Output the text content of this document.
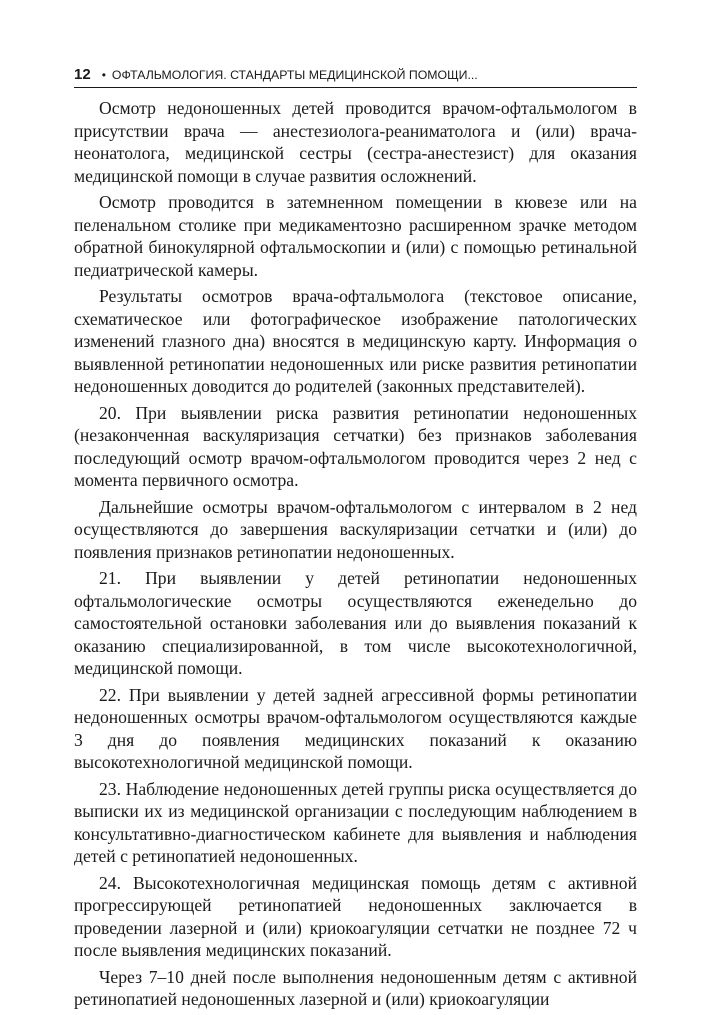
12 • ОФТАЛЬМОЛОГИЯ. СТАНДАРТЫ МЕДИЦИНСКОЙ ПОМОЩИ...

Осмотр недоношенных детей проводится врачом-офтальмологом в присутствии врача — анестезиолога-реаниматолога и (или) врача-неонатолога, медицинской сестры (сестра-анестезист) для оказания медицинской помощи в случае развития осложнений.

Осмотр проводится в затемненном помещении в кювезе или на пеленальном столике при медикаментозно расширенном зрачке методом обратной бинокулярной офтальмоскопии и (или) с помощью ретинальной педиатрической камеры.

Результаты осмотров врача-офтальмолога (текстовое описание, схематическое или фотографическое изображение патологических изменений глазного дна) вносятся в медицинскую карту. Информация о выявленной ретинопатии недоношенных или риске развития ретинопатии недоношенных доводится до родителей (законных представителей).

20. При выявлении риска развития ретинопатии недоношенных (незаконченная васкуляризация сетчатки) без признаков заболевания последующий осмотр врачом-офтальмологом проводится через 2 нед с момента первичного осмотра.

Дальнейшие осмотры врачом-офтальмологом с интервалом в 2 нед осуществляются до завершения васкуляризации сетчатки и (или) до появления признаков ретинопатии недоношенных.

21. При выявлении у детей ретинопатии недоношенных офтальмологические осмотры осуществляются еженедельно до самостоятельной остановки заболевания или до выявления показаний к оказанию специализированной, в том числе высокотехнологичной, медицинской помощи.

22. При выявлении у детей задней агрессивной формы ретинопатии недоношенных осмотры врачом-офтальмологом осуществляются каждые 3 дня до появления медицинских показаний к оказанию высокотехнологичной медицинской помощи.

23. Наблюдение недоношенных детей группы риска осуществляется до выписки их из медицинской организации с последующим наблюдением в консультативно-диагностическом кабинете для выявления и наблюдения детей с ретинопатией недоношенных.

24. Высокотехнологичная медицинская помощь детям с активной прогрессирующей ретинопатией недоношенных заключается в проведении лазерной и (или) криокоагуляции сетчатки не позднее 72 ч после выявления медицинских показаний.

Через 7–10 дней после выполнения недоношенным детям с активной ретинопатией недоношенных лазерной и (или) криокоагуляции
